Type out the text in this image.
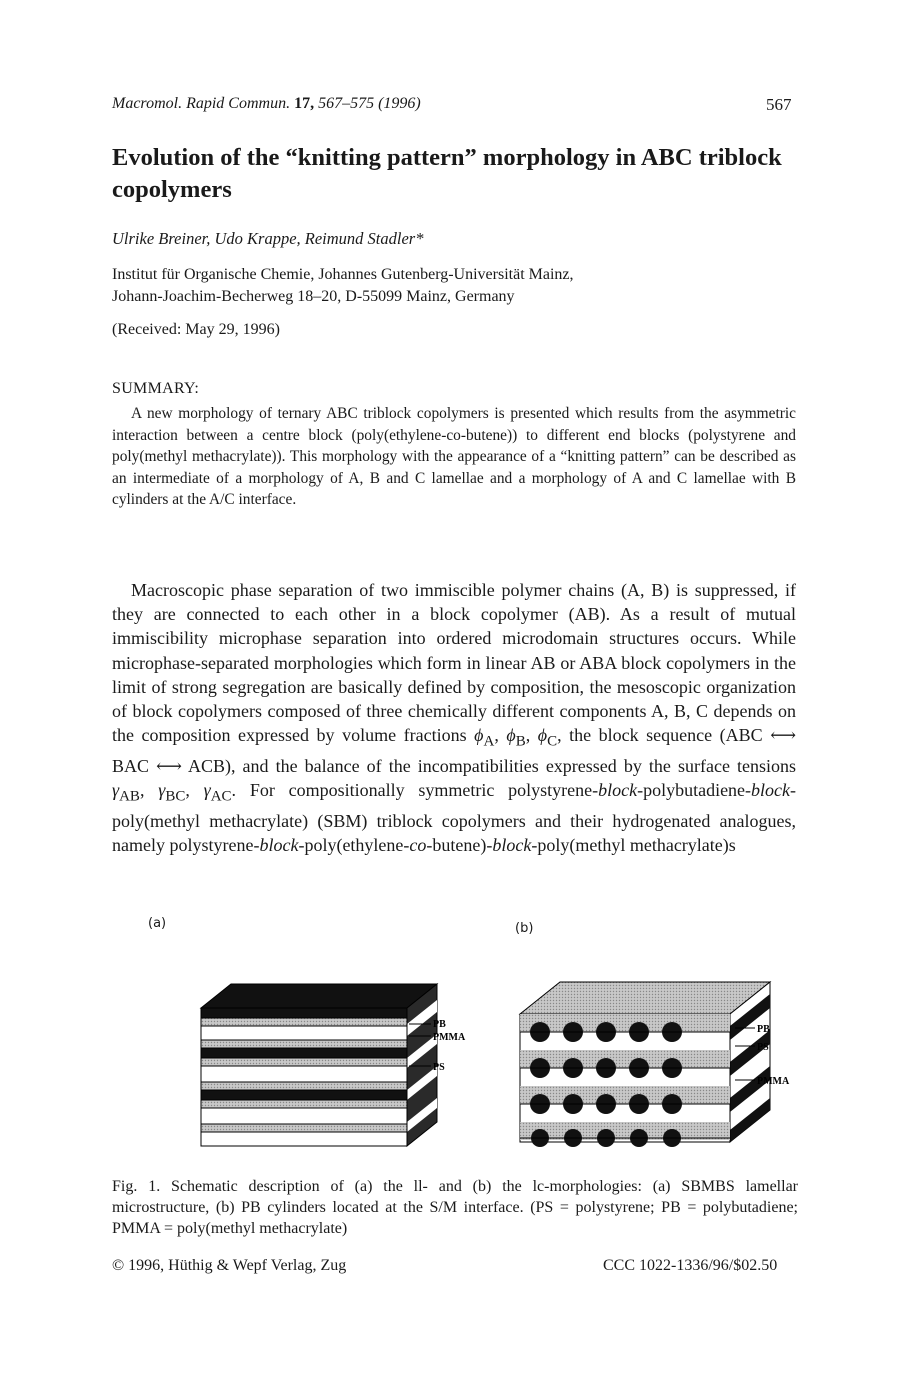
Macromol. Rapid Commun. 17, 567–575 (1996)	567
Evolution of the “knitting pattern” morphology in ABC triblock copolymers
Ulrike Breiner, Udo Krappe, Reimund Stadler*
Institut für Organische Chemie, Johannes Gutenberg-Universität Mainz,
Johann-Joachim-Becherweg 18–20, D-55099 Mainz, Germany
(Received: May 29, 1996)
SUMMARY:

A new morphology of ternary ABC triblock copolymers is presented which results from the asymmetric interaction between a centre block (poly(ethylene-co-butene)) to different end blocks (polystyrene and poly(methyl methacrylate)). This morphology with the appearance of a “knitting pattern” can be described as an intermediate of a morphology of A, B and C lamellae and a morphology of A and C lamellae with B cylinders at the A/C interface.

Macroscopic phase separation of two immiscible polymer chains (A, B) is suppressed, if they are connected to each other in a block copolymer (AB). As a result of mutual immiscibility microphase separation into ordered microdomain structures occurs. While microphase-separated morphologies which form in linear AB or ABA block copolymers in the limit of strong segregation are basically defined by composition, the mesoscopic organization of block copolymers composed of three chemically different components A, B, C depends on the composition expressed by volume fractions $\phi_A$, $\phi_B$, $\phi_C$, the block sequence (ABC ⟷ BAC ⟷ ACB), and the balance of the incompatibilities expressed by the surface tensions $\gamma_{AB}$, $\gamma_{BC}$, $\gamma_{AC}$. For compositionally symmetric polystyrene-block-polybutadiene-block-poly(methyl methacrylate) (SBM) triblock copolymers and their hydrogenated analogues, namely polystyrene-block-poly(ethylene-co-butene)-block-poly(methyl methacrylate)s

(a)	(b)
PB
PMMA
PS
PB
PS
PMMA
Fig. 1. Schematic description of (a) the ll- and (b) the lc-morphologies: (a) SBMBS lamellar microstructure, (b) PB cylinders located at the S/M interface. (PS = polystyrene; PB = polybutadiene; PMMA = poly(methyl methacrylate)
© 1996, Hüthig & Wepf Verlag, Zug	CCC 1022-1336/96/$02.50
